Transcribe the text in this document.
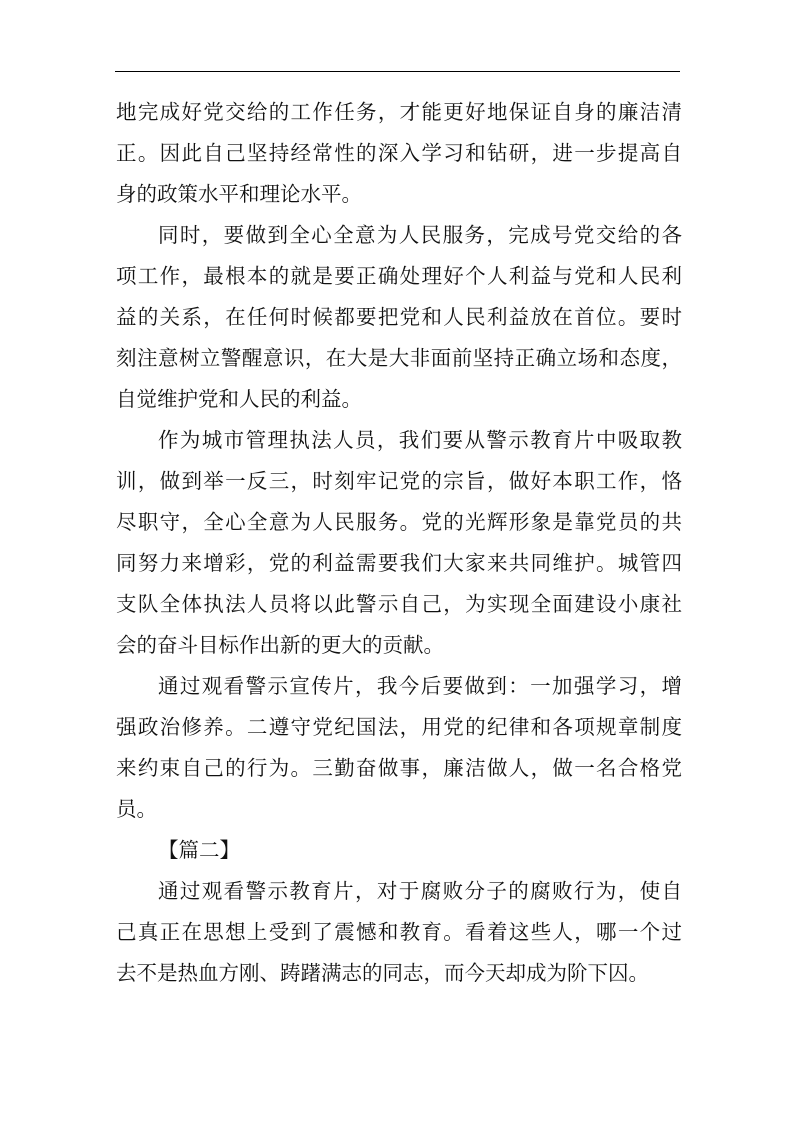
地完成好党交给的工作任务，才能更好地保证自身的廉洁清
正。因此自己坚持经常性的深入学习和钻研，进一步提高自
身的政策水平和理论水平。
同时，要做到全心全意为人民服务，完成号党交给的各
项工作，最根本的就是要正确处理好个人利益与党和人民利
益的关系，在任何时候都要把党和人民利益放在首位。要时
刻注意树立警醒意识，在大是大非面前坚持正确立场和态度，
自觉维护党和人民的利益。
作为城市管理执法人员，我们要从警示教育片中吸取教
训，做到举一反三，时刻牢记党的宗旨，做好本职工作，恪
尽职守，全心全意为人民服务。党的光辉形象是靠党员的共
同努力来增彩，党的利益需要我们大家来共同维护。城管四
支队全体执法人员将以此警示自己，为实现全面建设小康社
会的奋斗目标作出新的更大的贡献。
通过观看警示宣传片，我今后要做到：一加强学习，增
强政治修养。二遵守党纪国法，用党的纪律和各项规章制度
来约束自己的行为。三勤奋做事，廉洁做人，做一名合格党
员。
【篇二】
通过观看警示教育片，对于腐败分子的腐败行为，使自
己真正在思想上受到了震憾和教育。看着这些人，哪一个过
去不是热血方刚、踌躇满志的同志，而今天却成为阶下囚。
